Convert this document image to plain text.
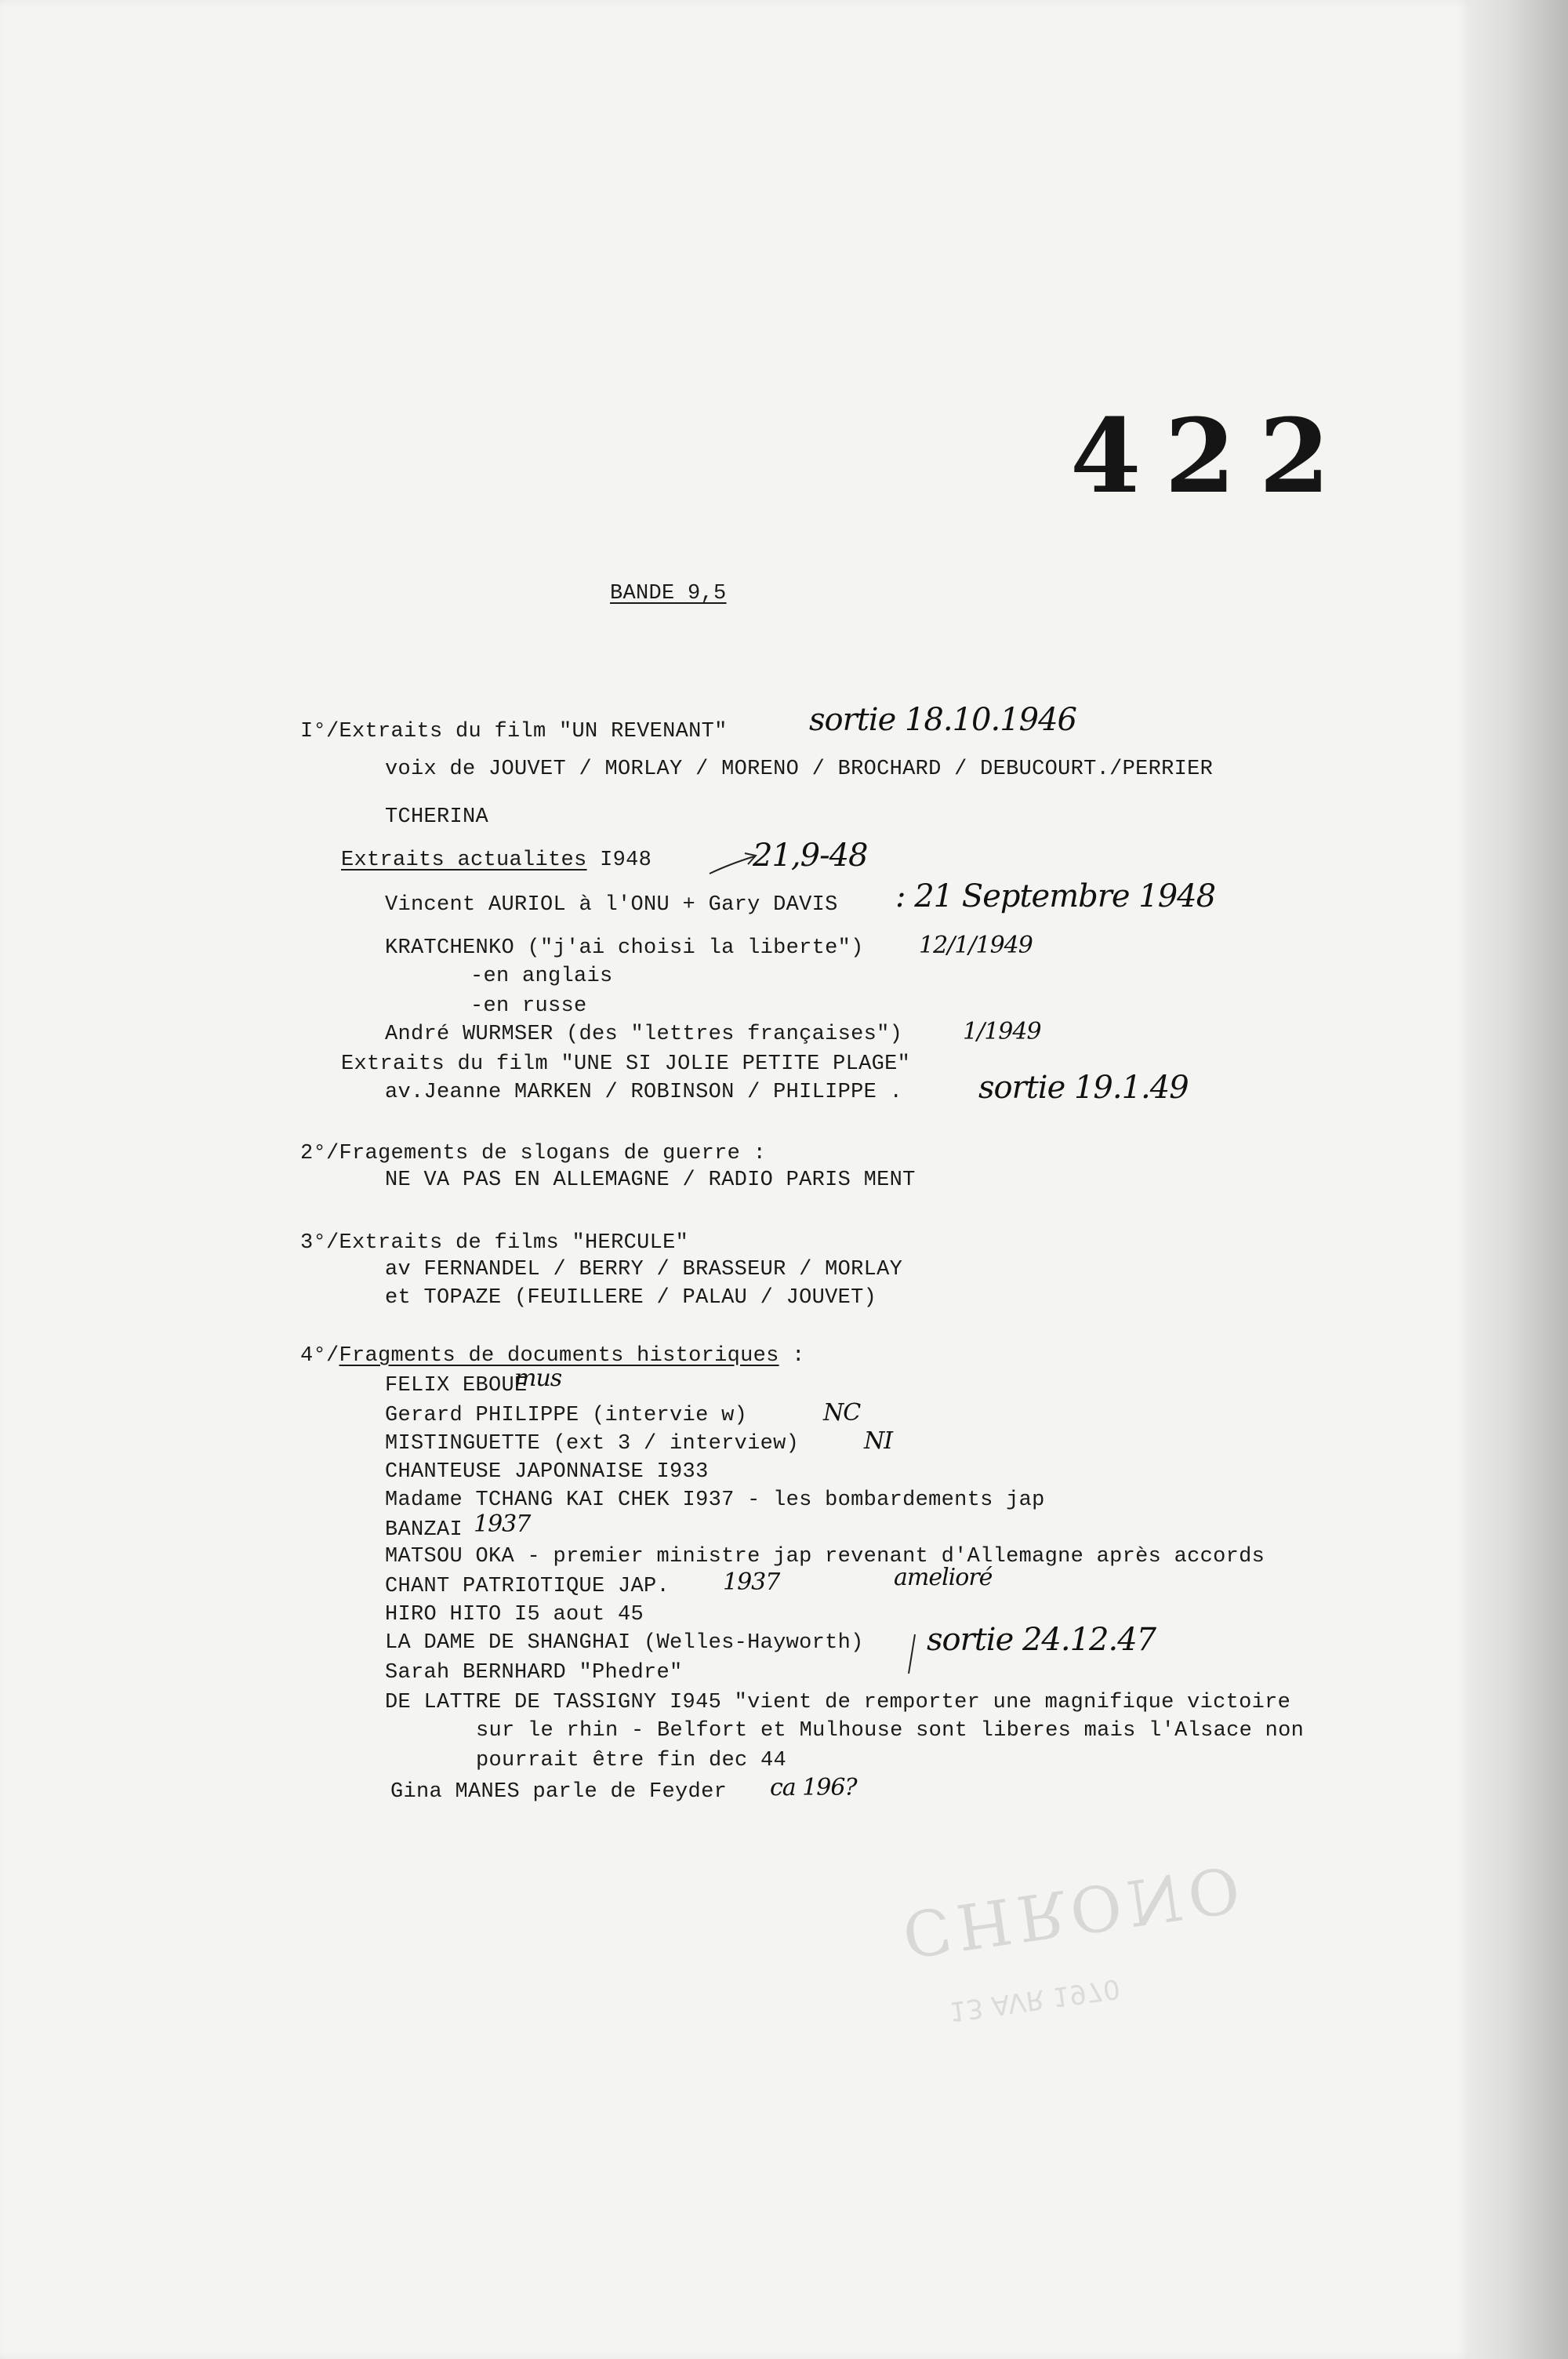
422
BANDE 9,5
I°/Extraits du film "UN REVENANT"
voix de JOUVET / MORLAY / MORENO / BROCHARD / DEBUCOURT./PERRIER
TCHERINA
Extraits actualites I948
Vincent AURIOL à l'ONU + Gary DAVIS
KRATCHENKO ("j'ai choisi la liberte")
-en anglais
-en russe
André WURMSER (des "lettres françaises")
Extraits du film "UNE SI JOLIE PETITE PLAGE"
av.Jeanne MARKEN / ROBINSON / PHILIPPE .
2°/Fragements de slogans de guerre :
NE VA PAS EN ALLEMAGNE / RADIO PARIS MENT
3°/Extraits de films "HERCULE"
av FERNANDEL / BERRY / BRASSEUR / MORLAY
et TOPAZE (FEUILLERE / PALAU / JOUVET)
4°/Fragments de documents historiques :
FELIX EBOUE
Gerard PHILIPPE (intervie w)
MISTINGUETTE (ext 3 / interview)
CHANTEUSE JAPONNAISE I933
Madame TCHANG KAI CHEK I937 - les bombardements jap
BANZAI
MATSOU OKA - premier ministre jap revenant d'Allemagne après accords
CHANT PATRIOTIQUE JAP.
HIRO HITO I5 aout 45
LA DAME DE SHANGHAI (Welles-Hayworth)
Sarah BERNHARD "Phedre"
DE LATTRE DE TASSIGNY I945 "vient de remporter une magnifique victoire
sur le rhin - Belfort et Mulhouse sont liberes mais l'Alsace non
pourrait être fin dec 44
Gina MANES parle de Feyder
sortie 18.10.1946
21,9-48
: 21 Septembre 1948
12/1/1949
1/1949
sortie 19.1.49
mus
NC
NI
1937
1937	amelioré
sortie 24.12.47
ca 196?
CHRONO
13 AVR 1970
